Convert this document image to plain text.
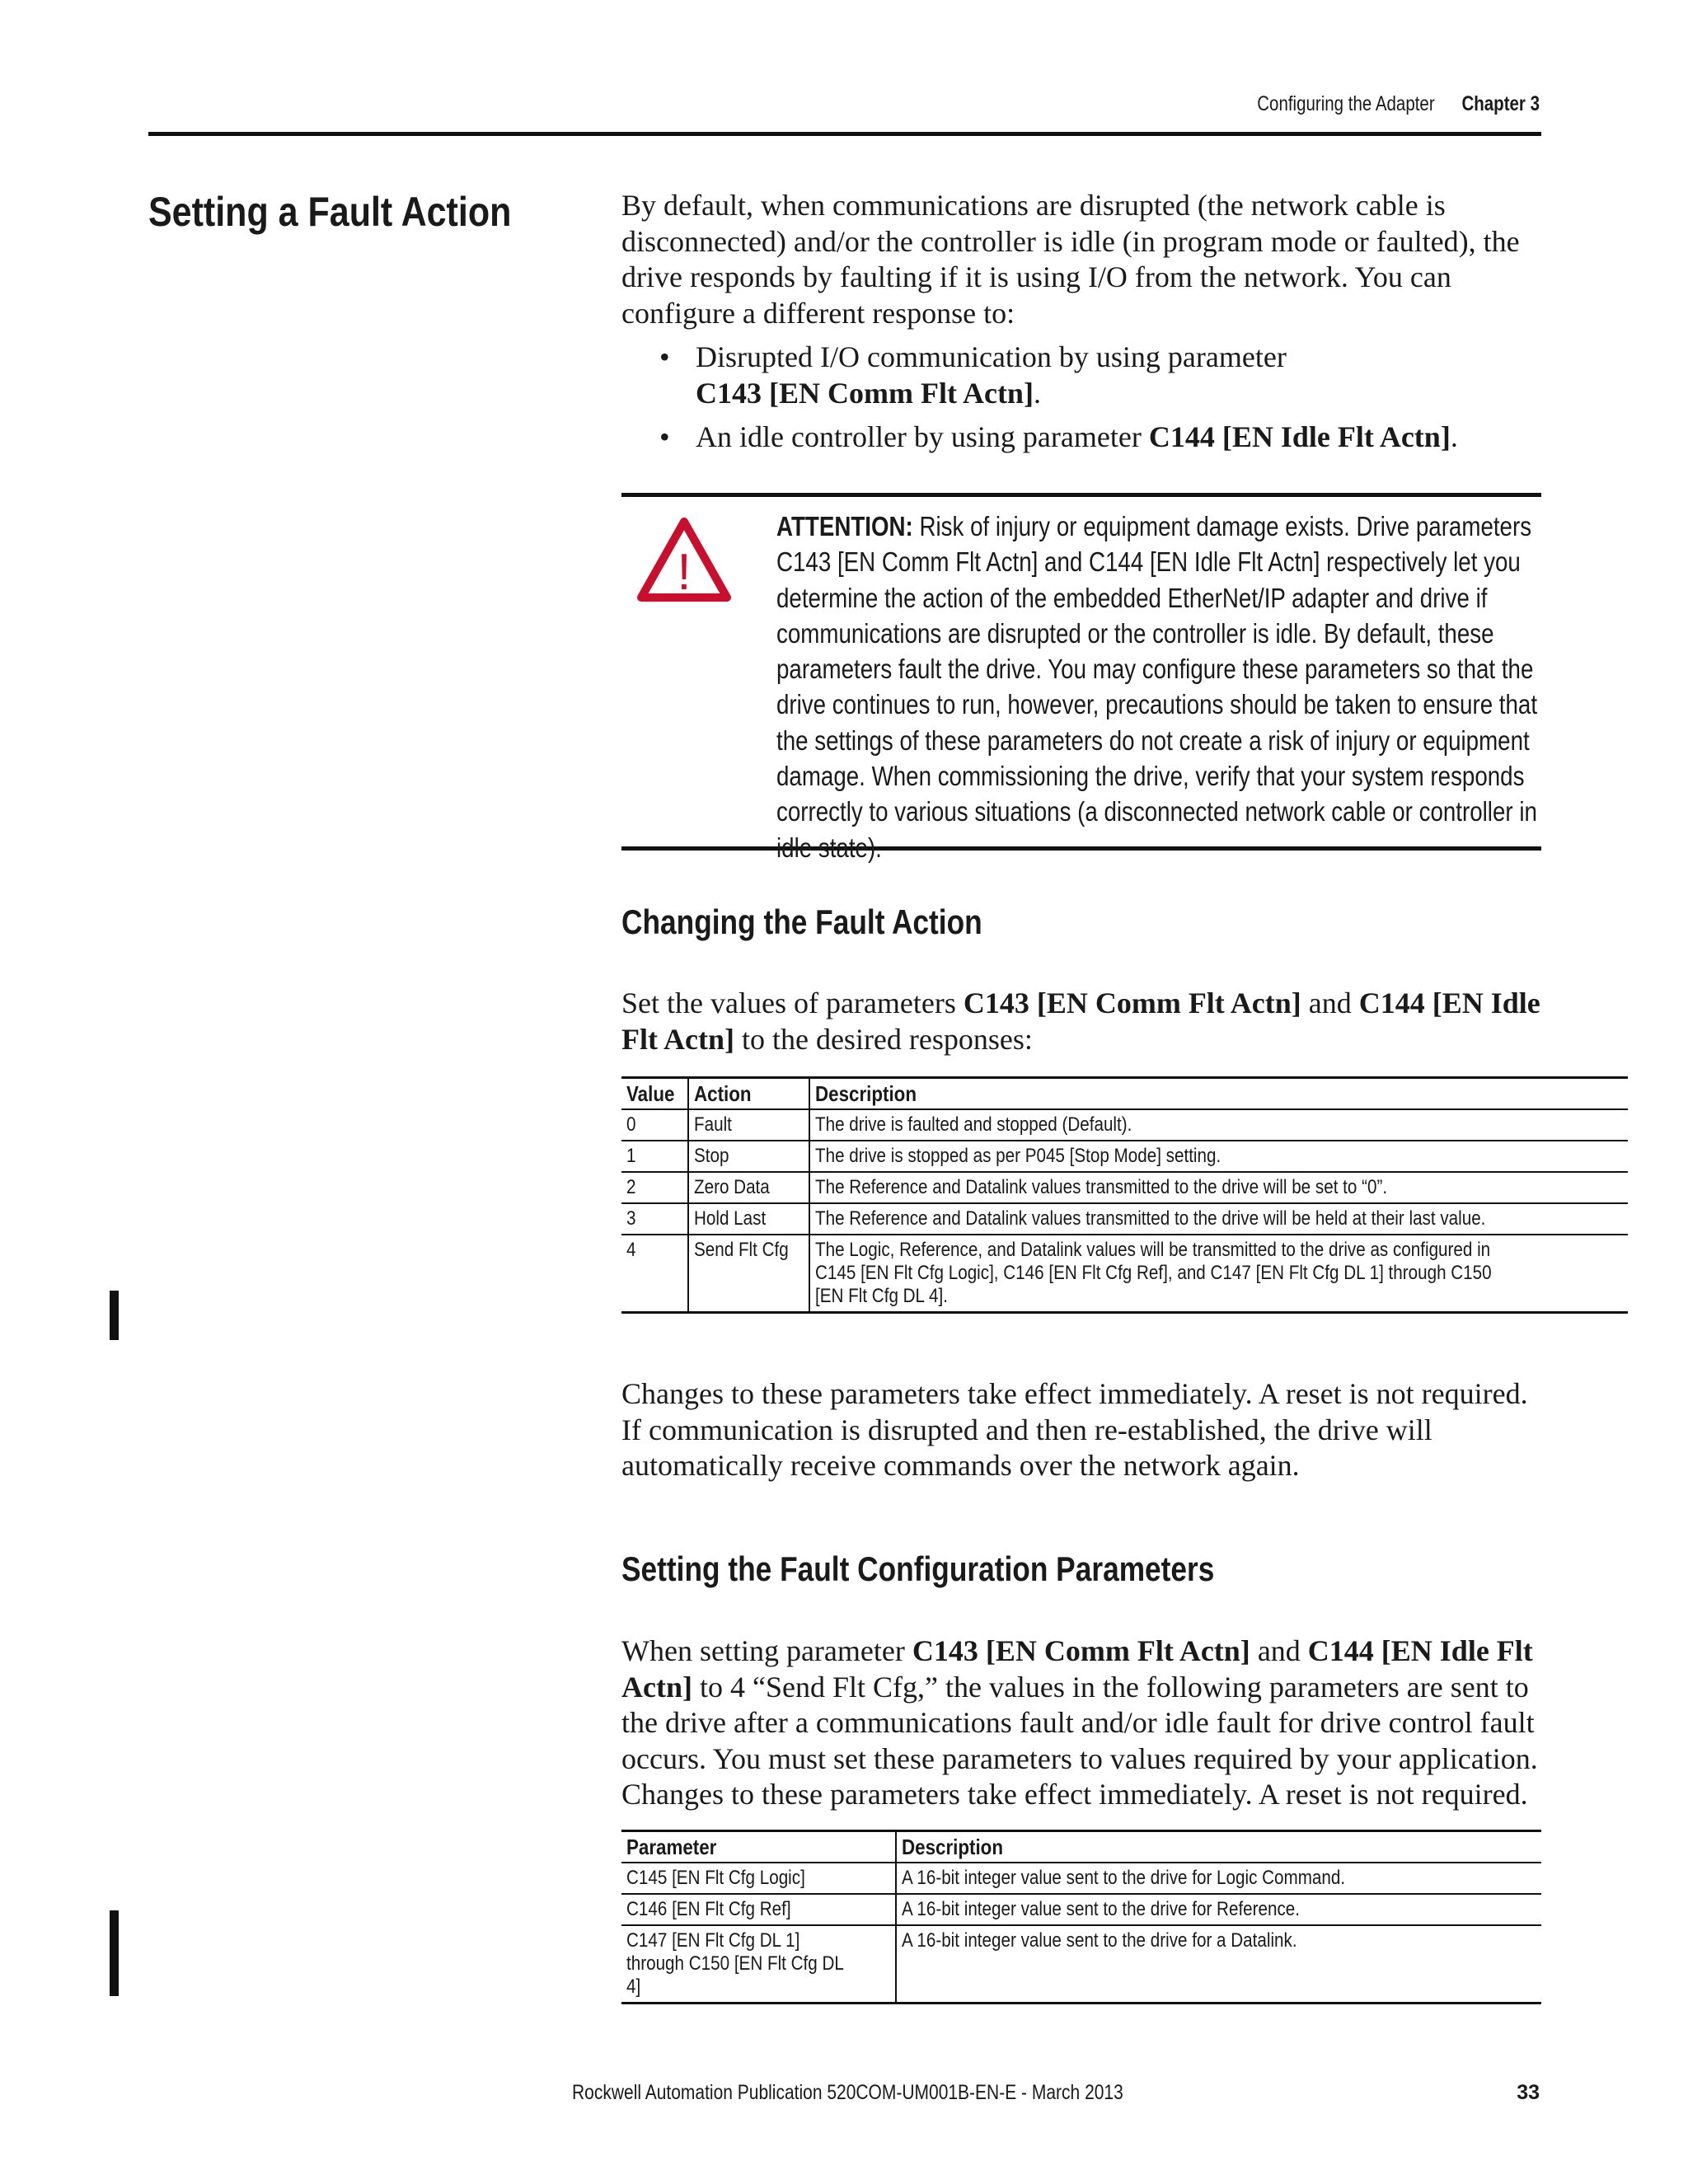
Configuring the Adapter Chapter 3
Setting a Fault Action	By default, when communications are disrupted (the network cable is disconnected) and/or the controller is idle (in program mode or faulted), the drive responds by faulting if it is using I/O from the network. You can configure a different response to:

• Disrupted I/O communication by using parameter
C143 [EN Comm Flt Actn].
• An idle controller by using parameter C144 [EN Idle Flt Actn].
!
ATTENTION: Risk of injury or equipment damage exists. Drive parameters C143 [EN Comm Flt Actn] and C144 [EN Idle Flt Actn] respectively let you determine the action of the embedded EtherNet/IP adapter and drive if communications are disrupted or the controller is idle. By default, these parameters fault the drive. You may configure these parameters so that the drive continues to run, however, precautions should be taken to ensure that the settings of these parameters do not create a risk of injury or equipment damage. When commissioning the drive, verify that your system responds correctly to various situations (a disconnected network cable or controller in idle state).
Changing the Fault Action

Set the values of parameters C143 [EN Comm Flt Actn] and C144 [EN Idle Flt Actn] to the desired responses:

Value	Action	Description
0	Fault	The drive is faulted and stopped (Default).
1	Stop	The drive is stopped as per P045 [Stop Mode] setting.
2	Zero Data	The Reference and Datalink values transmitted to the drive will be set to “0”.
3	Hold Last	The Reference and Datalink values transmitted to the drive will be held at their last value.
4	Send Flt Cfg	The Logic, Reference, and Datalink values will be transmitted to the drive as configured in C145 [EN Flt Cfg Logic], C146 [EN Flt Cfg Ref], and C147 [EN Flt Cfg DL 1] through C150 [EN Flt Cfg DL 4].

Changes to these parameters take effect immediately. A reset is not required. If communication is disrupted and then re-established, the drive will automatically receive commands over the network again.

Setting the Fault Configuration Parameters

When setting parameter C143 [EN Comm Flt Actn] and C144 [EN Idle Flt Actn] to 4 “Send Flt Cfg,” the values in the following parameters are sent to the drive after a communications fault and/or idle fault for drive control fault occurs. You must set these parameters to values required by your application. Changes to these parameters take effect immediately. A reset is not required.

Parameter	Description
C145 [EN Flt Cfg Logic]	A 16-bit integer value sent to the drive for Logic Command.
C146 [EN Flt Cfg Ref]	A 16-bit integer value sent to the drive for Reference.

C147 [EN Flt Cfg DL 1] through C150 [EN Flt Cfg DL 4]	A 16-bit integer value sent to the drive for a Datalink.
Rockwell Automation Publication 520COM-UM001B-EN-E - March 2013	33
